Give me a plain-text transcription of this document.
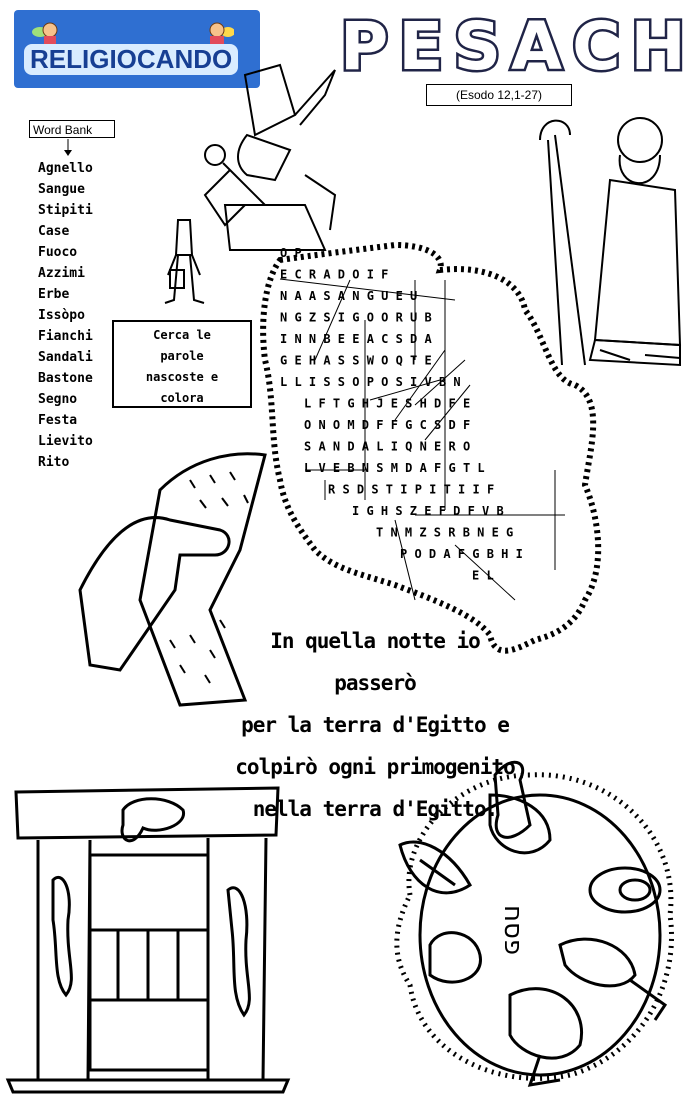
RELIGIOCANDO PESACH
(Esodo 12,1-27)
Word Bank
Agnello
Sangue
Stipiti
Case
Fuoco
Azzimi
Erbe
Issòpo
Fianchi
Sandali
Bastone
Segno
Festa
Lievito
Rito
Cerca le
parole
nascoste e
colora
O P
E C R A D O I F
N A A S A N G U E U
N G Z S I G O O R U B
I N N B E E A C S D A
G E H A S S W O Q T E
L L I S S O P O S I V B N
L F T G H J E S H D F E
O N O M D F F G C S D F
S A N D A L I Q N E R O
L V E B N S M D A F G T L
R S D S T I P I T I I F
I G H S Z E F D F V B
T N M Z S R B N E G
P O D A F G B H I
E L
In quella notte io passerò
per la terra d'Egitto e
colpirò ogni primogenito
nella terra d'Egitto.
פסח
